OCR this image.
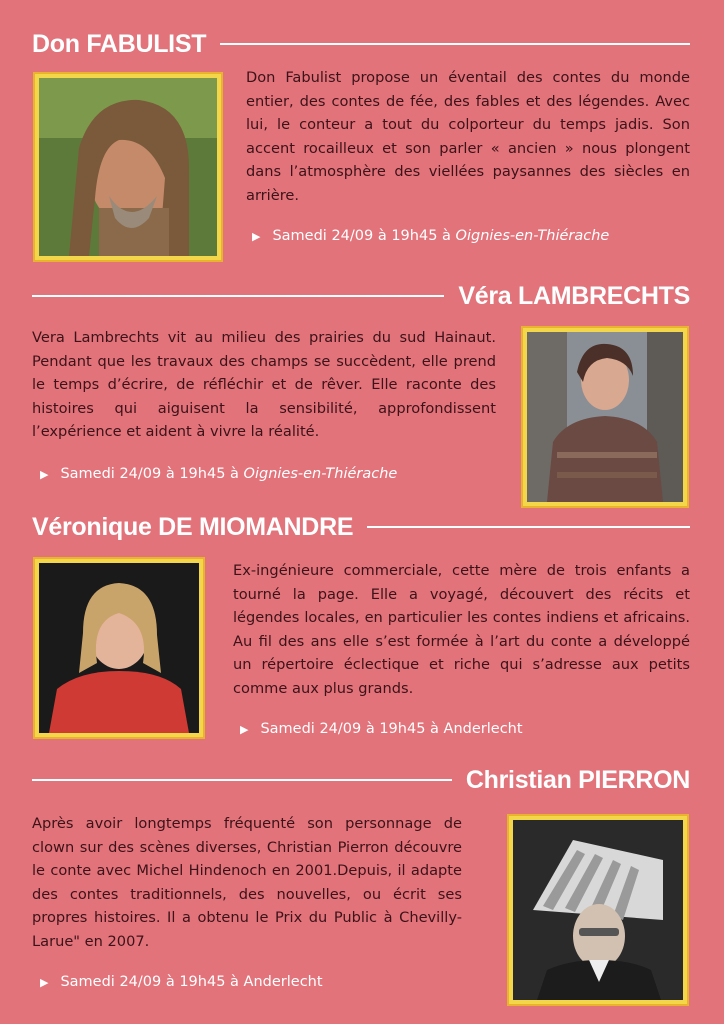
Don FABULIST
Don Fabulist propose un éventail des contes du monde entier, des contes de fée, des fables et des légendes. Avec lui, le conteur a tout du colporteur du temps jadis. Son accent rocailleux et son parler « ancien » nous plongent dans l’atmosphère des viellées paysannes des siècles en arrière.
▶ Samedi 24/09 à 19h45 à
Oignies-en-Thiérache
Véra LAMBRECHTS
Vera Lambrechts vit au milieu des prairies du sud Hainaut. Pendant que les travaux des champs se succèdent, elle prend le temps d’écrire, de réfléchir et de rêver. Elle raconte des histoires qui aiguisent la sensibilité, approfondissent l’expérience et aident à vivre la réalité.
▶ Samedi 24/09 à 19h45 à
Oignies-en-Thiérache
Véronique DE MIOMANDRE
Ex-ingénieure commerciale, cette mère de trois enfants a tourné la page. Elle a voyagé, découvert des récits et légendes locales, en particulier les contes indiens et africains. Au fil des ans elle s’est formée à l’art du conte a développé un répertoire éclectique et riche qui s’adresse aux petits comme aux plus grands.
▶ Samedi 24/09 à 19h45 à
Anderlecht
Christian PIERRON
Après avoir longtemps fréquenté son personnage de clown sur des scènes diverses, Christian Pierron découvre le conte avec Michel Hindenoch en 2001.Depuis, il adapte des contes traditionnels, des nouvelles, ou écrit ses propres histoires. Il a obtenu le Prix du Public à Chevilly-Larue" en 2007.
▶ Samedi 24/09 à 19h45 à
Anderlecht
